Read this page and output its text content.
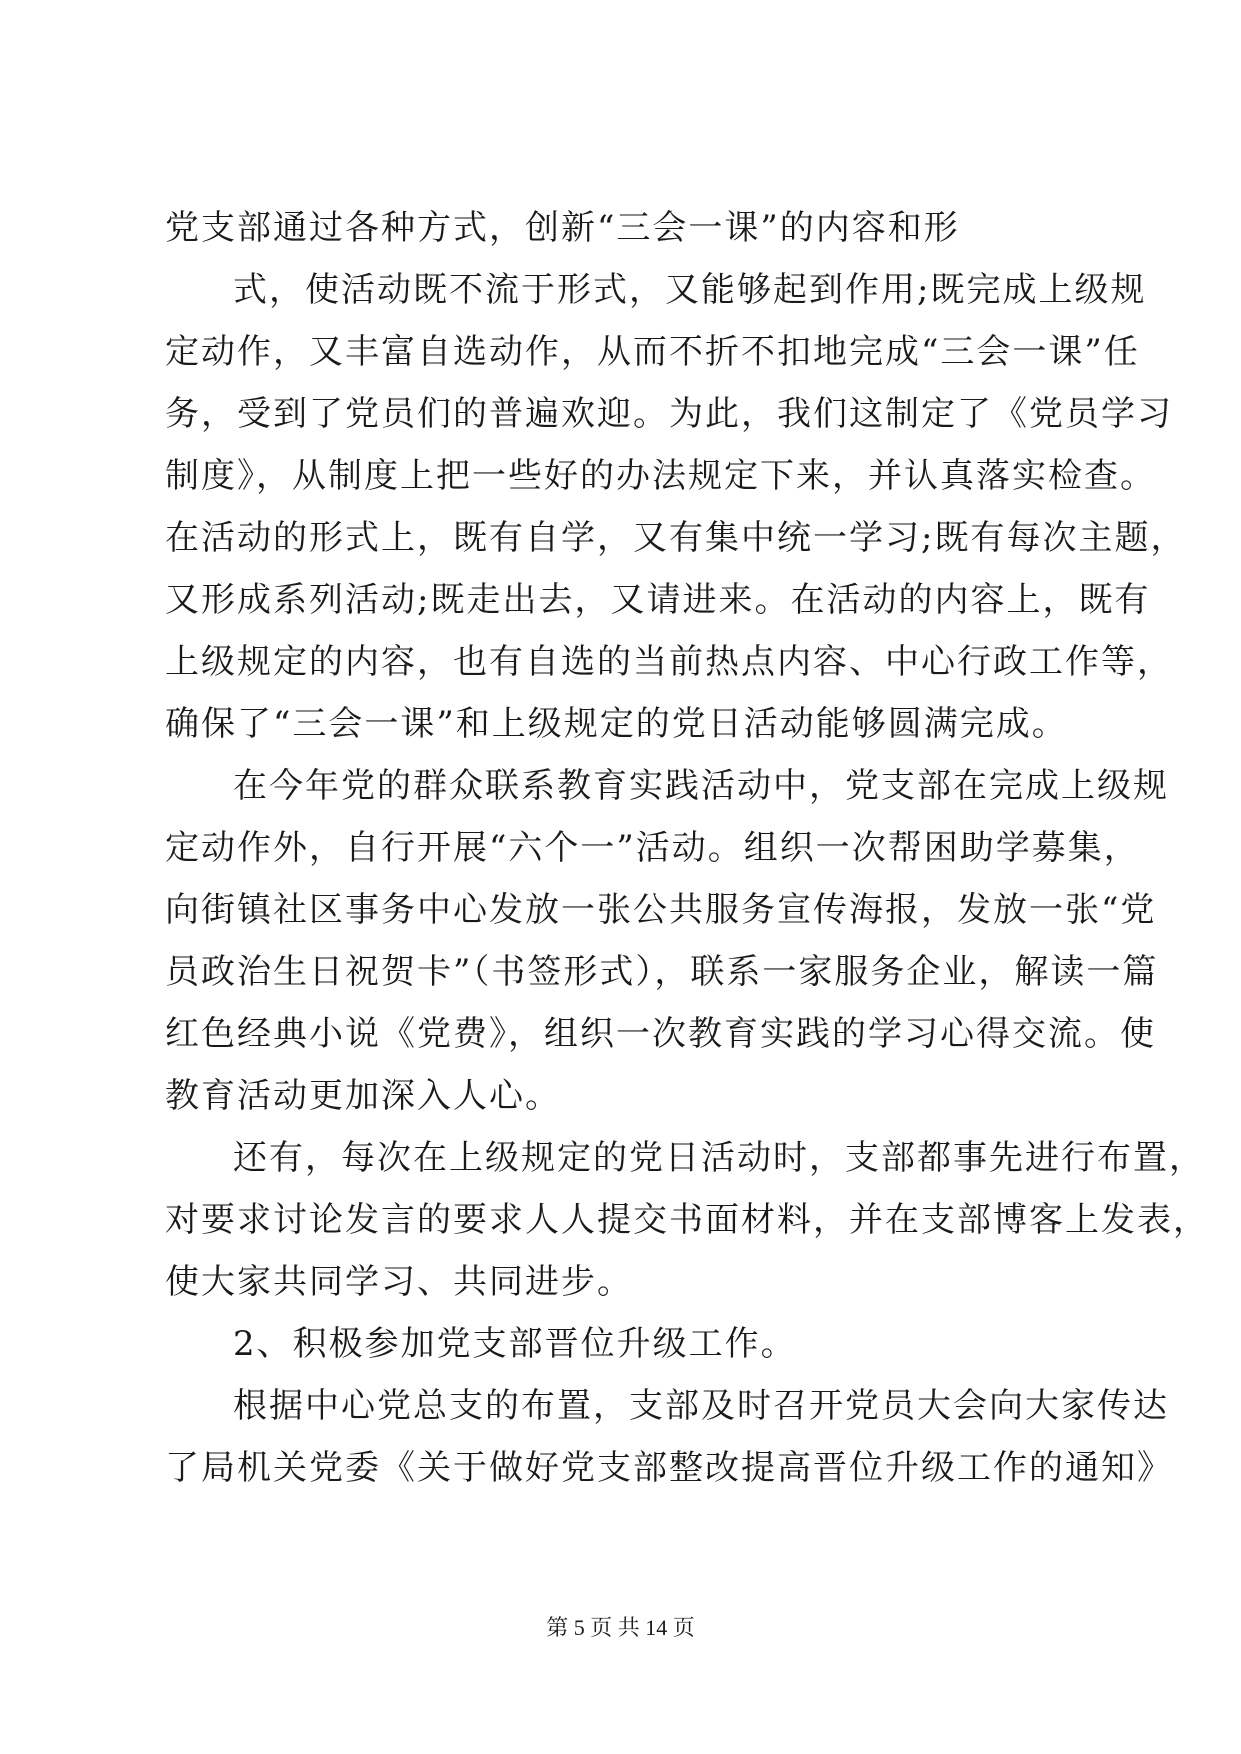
党支部通过各种方式，创新“三会一课”的内容和形
式，使活动既不流于形式，又能够起到作用;既完成上级规
定动作，又丰富自选动作，从而不折不扣地完成“三会一课”任
务，受到了党员们的普遍欢迎。为此，我们这制定了《党员学习
制度》，从制度上把一些好的办法规定下来，并认真落实检查。
在活动的形式上，既有自学，又有集中统一学习;既有每次主题，
又形成系列活动;既走出去，又请进来。在活动的内容上，既有
上级规定的内容，也有自选的当前热点内容、中心行政工作等，
确保了“三会一课”和上级规定的党日活动能够圆满完成。
在今年党的群众联系教育实践活动中，党支部在完成上级规
定动作外，自行开展“六个一”活动。组织一次帮困助学募集，
向街镇社区事务中心发放一张公共服务宣传海报，发放一张“党
员政治生日祝贺卡”（书签形式），联系一家服务企业，解读一篇
红色经典小说《党费》，组织一次教育实践的学习心得交流。使
教育活动更加深入人心。
还有，每次在上级规定的党日活动时，支部都事先进行布置，
对要求讨论发言的要求人人提交书面材料，并在支部博客上发表，
使大家共同学习、共同进步。
2、积极参加党支部晋位升级工作。
根据中心党总支的布置，支部及时召开党员大会向大家传达
了局机关党委《关于做好党支部整改提高晋位升级工作的通知》
第 5 页 共 14 页
